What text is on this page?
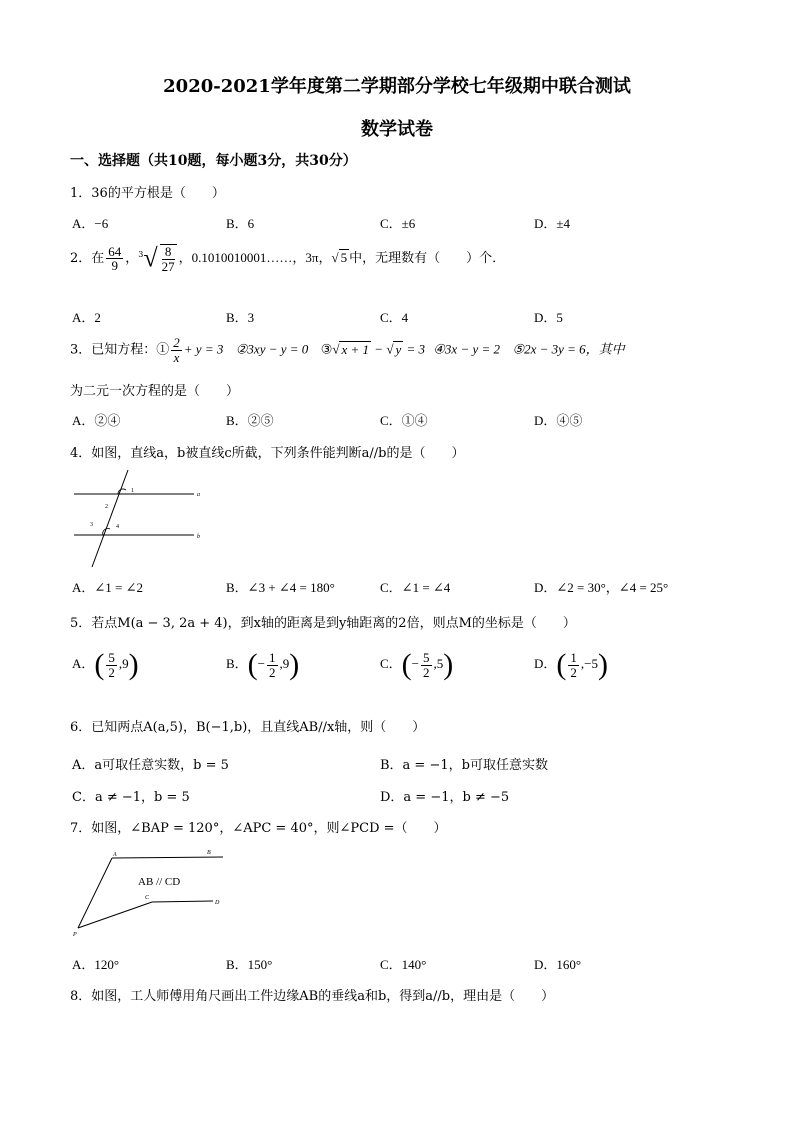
2020-2021学年度第二学期部分学校七年级期中联合测试
数学试卷
一、选择题（共10题，每小题3分，共30分）
1．36的平方根是（　　）
A．−6	B．6	C．±6	D．±4
2．在 $\frac{64}{9}$ ，$^3√ \frac{8}{27}$ ，0.1010010001……，3π，√ 5 中，无理数有（　　）个．
A．2	B．3	C．4	D．5
3．已知方程：① $\frac{2}{x} + y = 3$ ②3xy − y = 0 ③√ x + 1 − √ y = 3 ④3x − y = 2 ⑤2x − 3y = 6，其中
为二元一次方程的是（　　）
A．②④	B．②⑤	C．①④	D．④⑤
4．如图，直线a，b被直线c所截，下列条件能判断a//b的是（　　）
1
2
3	4
a
b
A．∠1 = ∠2	B．∠3 + ∠4 = 180°	C．∠1 = ∠4	D．∠2 = 30°，∠4 = 25°
5．若点M(a − 3, 2a + 4)，到x轴的距离是到y轴距离的2倍，则点M的坐标是（　　）
A．( $\frac{5}{2} ,9$)	B．(− $\frac{1}{2} ,9$)	C．(− $\frac{5}{2} ,5$)	D．( $\frac{1}{2} ,-5$)
6．已知两点A(a,5)，B(−1,b)，且直线AB//x轴，则（　　）
A．a可取任意实数，b = 5	B．a = −1，b可取任意实数
C．a ≠ −1，b = 5	D．a = −1，b ≠ −5
7．如图，∠BAP = 120°，∠APC = 40°，则∠PCD =（　　）
A	B
AB // CD
C
D
P
A．120°	B．150°	C．140°	D．160°
8．如图，工人师傅用角尺画出工件边缘AB的垂线a和b，得到a//b，理由是（　　）
